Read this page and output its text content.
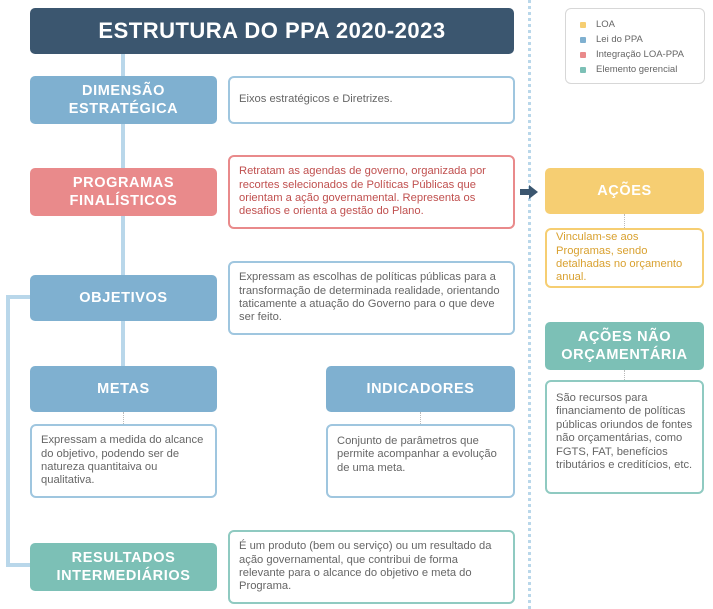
ESTRUTURA DO PPA 2020-2023	LOA
Lei do PPA
Integração LOA-PPA
Elemento gerencial
DIMENSÃO
ESTRATÉGICA
Eixos estratégicos e Diretrizes.
PROGRAMAS
FINALÍSTICOS
Retratam as agendas de governo, organizada por recortes selecionados de Políticas Públicas que orientam a ação governamental. Representa os desafios e orienta a gestão do Plano.
OBJETIVOS
Expressam as escolhas de políticas públicas para a transformação de determinada realidade, orientando taticamente a atuação do Governo para o que deve ser feito.
METAS
Expressam a medida do alcance do objetivo, podendo ser de natureza quantitaiva ou qualitativa.
INDICADORES
Conjunto de parâmetros que permite acompanhar a evolução de uma meta.
RESULTADOS
INTERMEDIÁRIOS
É um produto (bem ou serviço) ou um resultado da ação governamental, que contribui de forma relevante para o alcance do objetivo e meta do Programa.
AÇÕES
Vinculam-se aos Programas, sendo detalhadas no orçamento anual.
AÇÕES NÃO
ORÇAMENTÁRIA
São recursos para financiamento de políticas públicas oriundos de fontes não orçamentárias, como FGTS, FAT, benefícios tributários e creditícios, etc.
